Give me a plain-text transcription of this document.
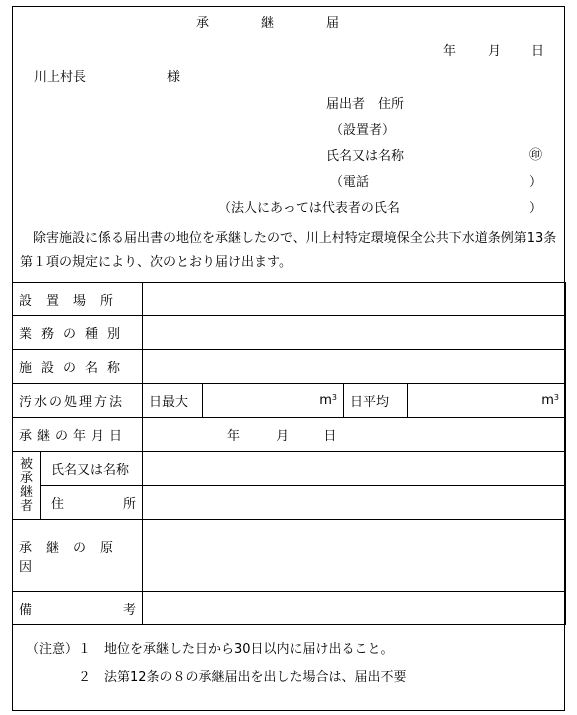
承　　　　継　　　　届
年 月 日
川上村長	様
届出者　住所
（設置者）
氏名又は名称	㊞
（電話	）
（法人にあっては代表者の氏名	）
　除害施設に係る届出書の地位を承継したので、川上村特定環境保全公共下水道条例第13条第１項の規定により、次のとおり届け出ます。
設置場所					

業務の種別					

施設の名称					

汚水の処理方法		日最大	$m^3$	日平均	$m^3$

承継の年月日		年 月 日			

被
承
継
者	氏名又は名称				

	住 所				

承継の原因					

備 考					

（注意）１　地位を承継した日から30日以内に届け出ること。
　　　　２　法第12条の８の承継届出を出した場合は、届出不要
